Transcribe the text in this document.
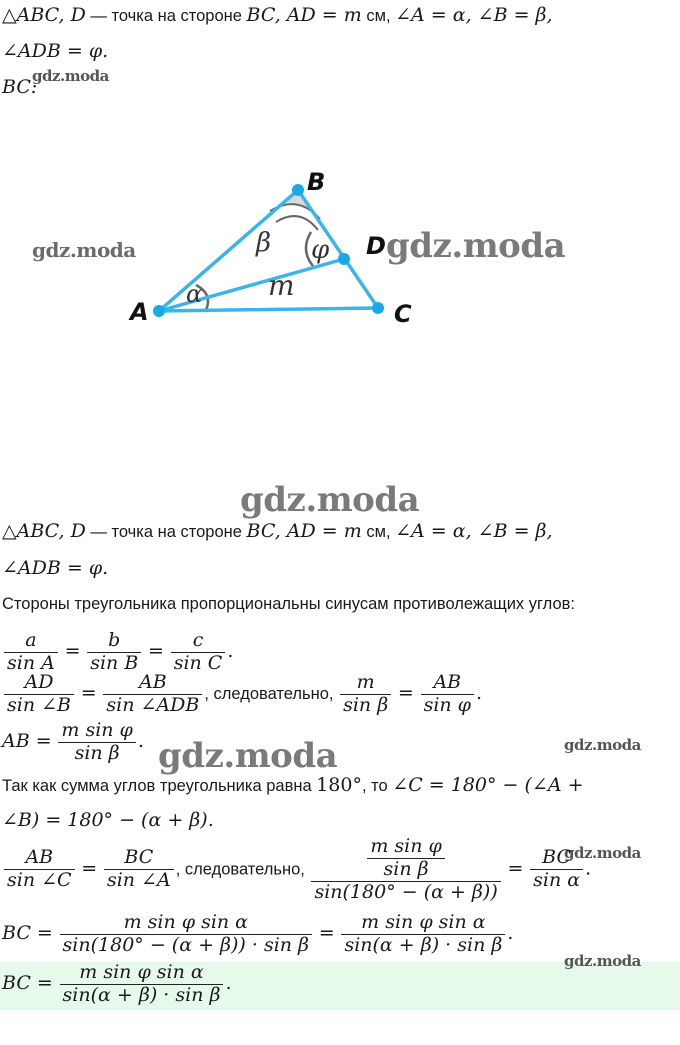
△ABC, D — точка на стороне BC, AD = m см, ∠A = α, ∠B = β,
∠ADB = φ.
BC:
A
B
C
D
α
β φ
m
gdz.moda
gdz.moda	gdz.moda
gdz.moda
gdz.moda	gdz.moda
gdz.moda
△ABC, D — точка на стороне BC, AD = m см, ∠A = α, ∠B = β,
∠ADB = φ.
Стороны треугольника пропорциональны синусам противолежащих углов:
$\frac{a}{\text{sin A}} = \frac{b}{\text{sin B}} = \frac{c}{\text{sin C}}$ .
$\frac{AD}{\sin \angle B} = \frac{AB}{\text{sin ∠ADB}}$ , следовательно, $\frac{m}{\text{sin β}} = \frac{AB}{\text{sin φ}}$ .
AB = $\frac{\text{m sin φ}}{\text{sin β}}$ .
Так как сумма углов треугольника равна 180°, то ∠C = 180° − (∠A +
∠B) = 180° − (α + β).
$\frac{AB}{\sin \angle C} = \frac{BC}{\sin \angle A}$ , следовательно, $\frac{\frac{\text{m sin φ}}{\text{sin β}}}{\sin(180^\circ - (\alpha + \beta))} = \frac{BC}{\text{sin α}}$ .
BC = $\frac{\text{m sin φ sin α}}{\text{sin(180° − (α + β)) · sin β}} = \frac{\text{m sin φ sin α}}{\text{sin(α + β) · sin β}}$ .
gdz.moda
BC = $\frac{\text{m sin φ sin α}}{\text{sin(α + β) · sin β}}$ .
